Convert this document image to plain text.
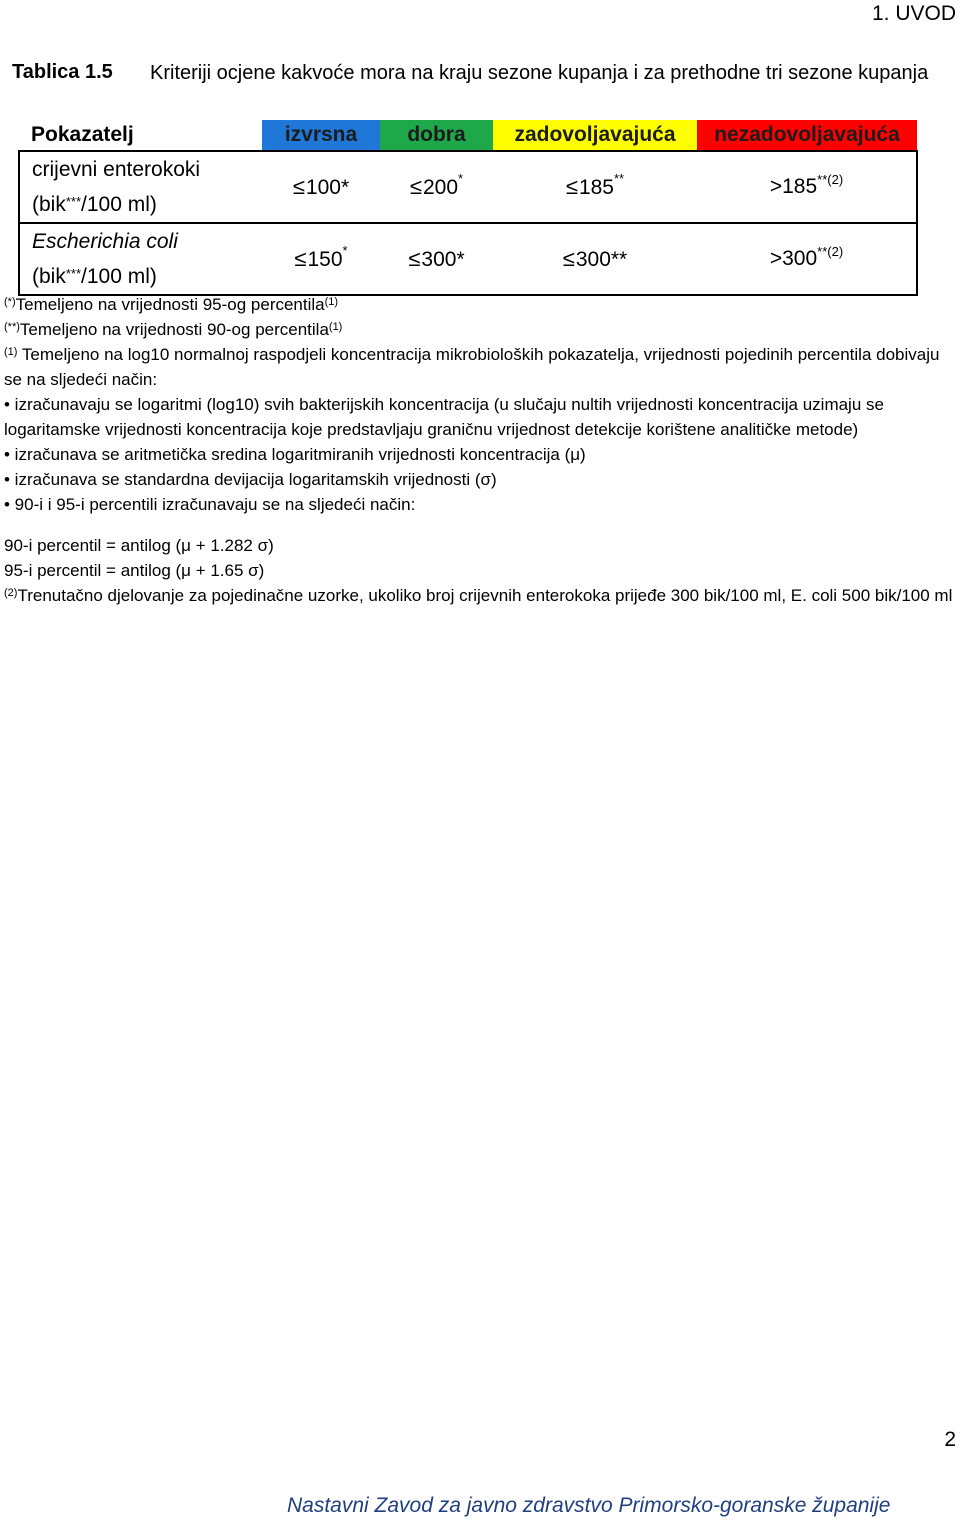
1. UVOD
Tablica 1.5 Kriteriji ocjene kakvoće mora na kraju sezone kupanja i za prethodne tri sezone kupanja
Pokazatelj	izvrsna	dobra	zadovoljavajuća	nezadovoljavajuća

crijevni enterokoki
(bik***/100 ml)	≤100*	≤200*	≤185**	$>185^{**(2)}$

Escherichia coli
(bik***/100 ml)	≤150*	≤300*	≤300**	$>300^{**(2)}$

(*)Temeljeno na vrijednosti 95-og percentila$^{(1)}$

(**)Temeljeno na vrijednosti 90-og percentila$^{(1)}$

$^{(1)}$ Temeljeno na log10 normalnoj raspodjeli koncentracija mikrobioloških pokazatelja, vrijednosti pojedinih percentila dobivaju se na sljedeći način:

• izračunavaju se logaritmi (log10) svih bakterijskih koncentracija (u slučaju nultih vrijednosti koncentracija uzimaju se logaritamske vrijednosti koncentracija koje predstavljaju graničnu vrijednost detekcije korištene analitičke metode)

• izračunava se aritmetička sredina logaritmiranih vrijednosti koncentracija (μ)

• izračunava se standardna devijacija logaritamskih vrijednosti (σ)

• 90-i i 95-i percentili izračunavaju se na sljedeći način:

90-i percentil = antilog (μ + 1.282 σ)

95-i percentil = antilog (μ + 1.65 σ)

$^{(2)}$Trenutačno djelovanje za pojedinačne uzorke, ukoliko broj crijevnih enterokoka prijeđe 300 bik/100 ml, E. coli 500 bik/100 ml

2
Nastavni Zavod za javno zdravstvo Primorsko-goranske županije
